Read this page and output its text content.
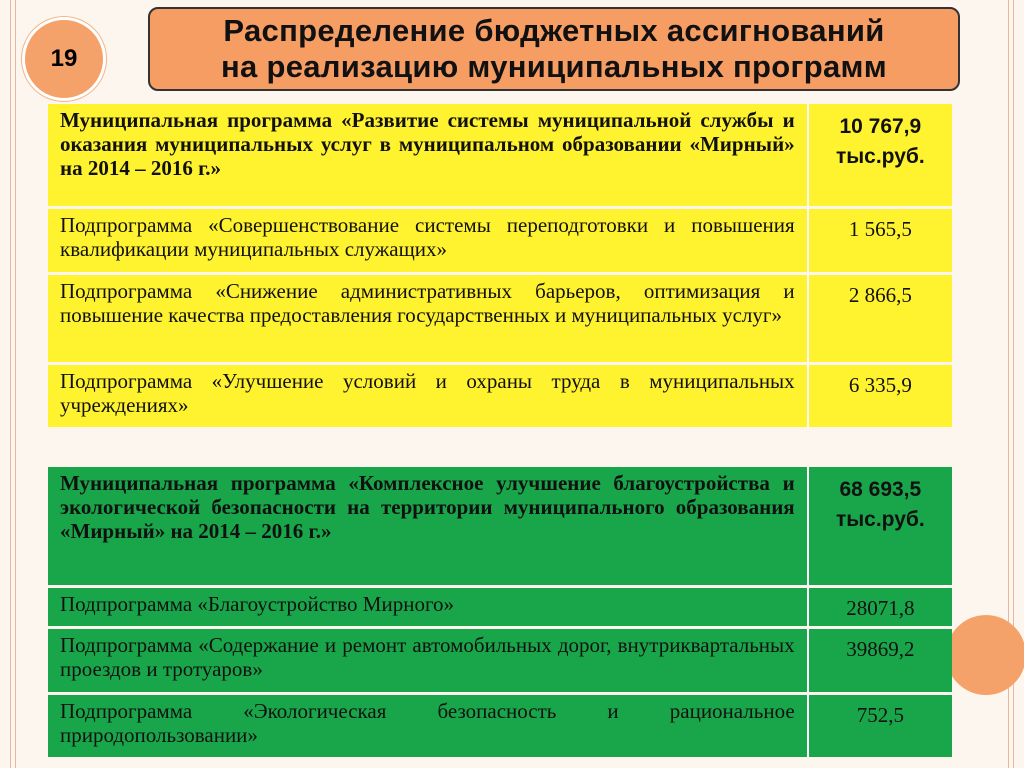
19
Распределение бюджетных ассигнований
на реализацию муниципальных программ
Муниципальная программа «Развитие системы муниципальной службы и оказания муниципальных услуг в муниципальном образовании «Мирный» на 2014 – 2016 г.»	10 767,9
тыс.руб.

Подпрограмма «Совершенствование системы переподготовки и повышения квалификации муниципальных служащих»	1 565,5
Подпрограмма «Снижение административных барьеров, оптимизация и повышение качества предоставления государственных и муниципальных услуг»	2 866,5
Подпрограмма «Улучшение условий и охраны труда в муниципальных учреждениях»	6 335,9
Муниципальная программа «Комплексное улучшение благоустройства и экологической безопасности на территории муниципального образования «Мирный» на 2014 – 2016 г.»	68 693,5
тыс.руб.

Подпрограмма «Благоустройство Мирного»	28071,8
Подпрограмма «Содержание и ремонт автомобильных дорог, внутриквартальных проездов и тротуаров»	39869,2
Подпрограмма «Экологическая безопасность и рациональное природопользовании»	752,5
